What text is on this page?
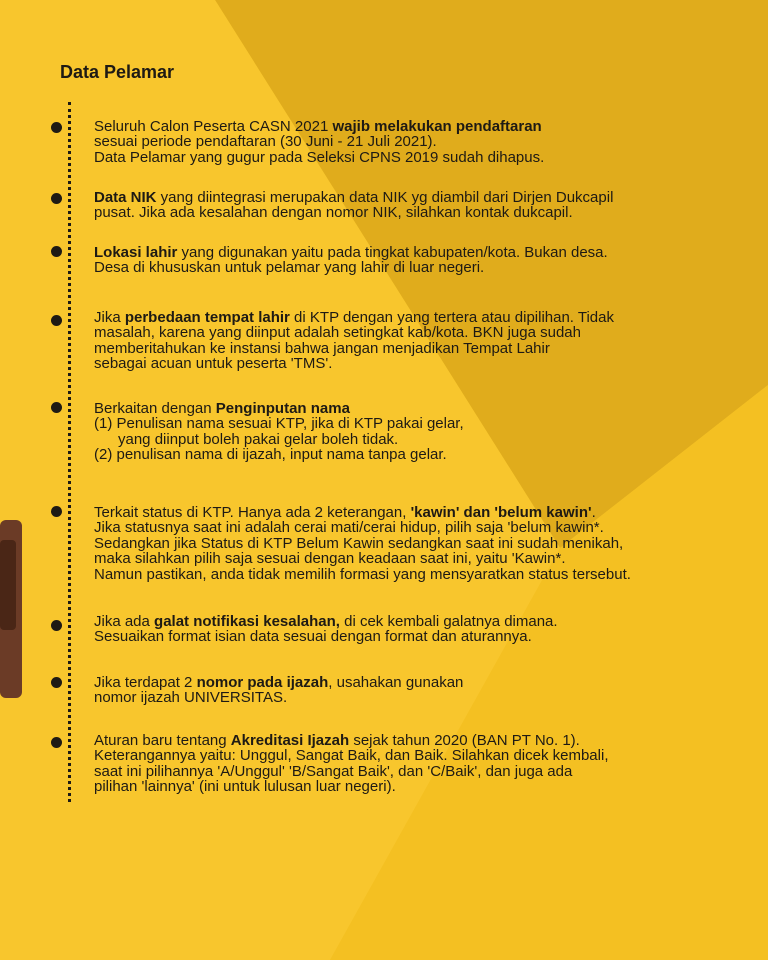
Data Pelamar

Seluruh Calon Peserta CASN 2021 wajib melakukan pendaftaran

sesuai periode pendaftaran (30 Juni - 21 Juli 2021).

Data Pelamar yang gugur pada Seleksi CPNS 2019 sudah dihapus.

Data NIK yang diintegrasi merupakan data NIK yg diambil dari Dirjen Dukcapil

pusat. Jika ada kesalahan dengan nomor NIK, silahkan kontak dukcapil.

Lokasi lahir yang digunakan yaitu pada tingkat kabupaten/kota. Bukan desa.

Desa di khususkan untuk pelamar yang lahir di luar negeri.

Jika perbedaan tempat lahir di KTP dengan yang tertera atau dipilihan. Tidak

masalah, karena yang diinput adalah setingkat kab/kota. BKN juga sudah

memberitahukan ke instansi bahwa jangan menjadikan Tempat Lahir

sebagai acuan untuk peserta 'TMS'.

Berkaitan dengan Penginputan nama

(1) Penulisan nama sesuai KTP, jika di KTP pakai gelar,

yang diinput boleh pakai gelar boleh tidak.

(2) penulisan nama di ijazah, input nama tanpa gelar.

Terkait status di KTP. Hanya ada 2 keterangan, 'kawin' dan 'belum kawin'.

Jika statusnya saat ini adalah cerai mati/cerai hidup, pilih saja 'belum kawin*.

Sedangkan jika Status di KTP Belum Kawin sedangkan saat ini sudah menikah,

maka silahkan pilih saja sesuai dengan keadaan saat ini, yaitu 'Kawin*.

Namun pastikan, anda tidak memilih formasi yang mensyaratkan status tersebut.

Jika ada galat notifikasi kesalahan, di cek kembali galatnya dimana.

Sesuaikan format isian data sesuai dengan format dan aturannya.

Jika terdapat 2 nomor pada ijazah, usahakan gunakan

nomor ijazah UNIVERSITAS.

Aturan baru tentang Akreditasi Ijazah sejak tahun 2020 (BAN PT No. 1).

Keterangannya yaitu: Unggul, Sangat Baik, dan Baik. Silahkan dicek kembali,

saat ini pilihannya 'A/Unggul' 'B/Sangat Baik', dan 'C/Baik', dan juga ada

pilihan 'lainnya' (ini untuk lulusan luar negeri).
